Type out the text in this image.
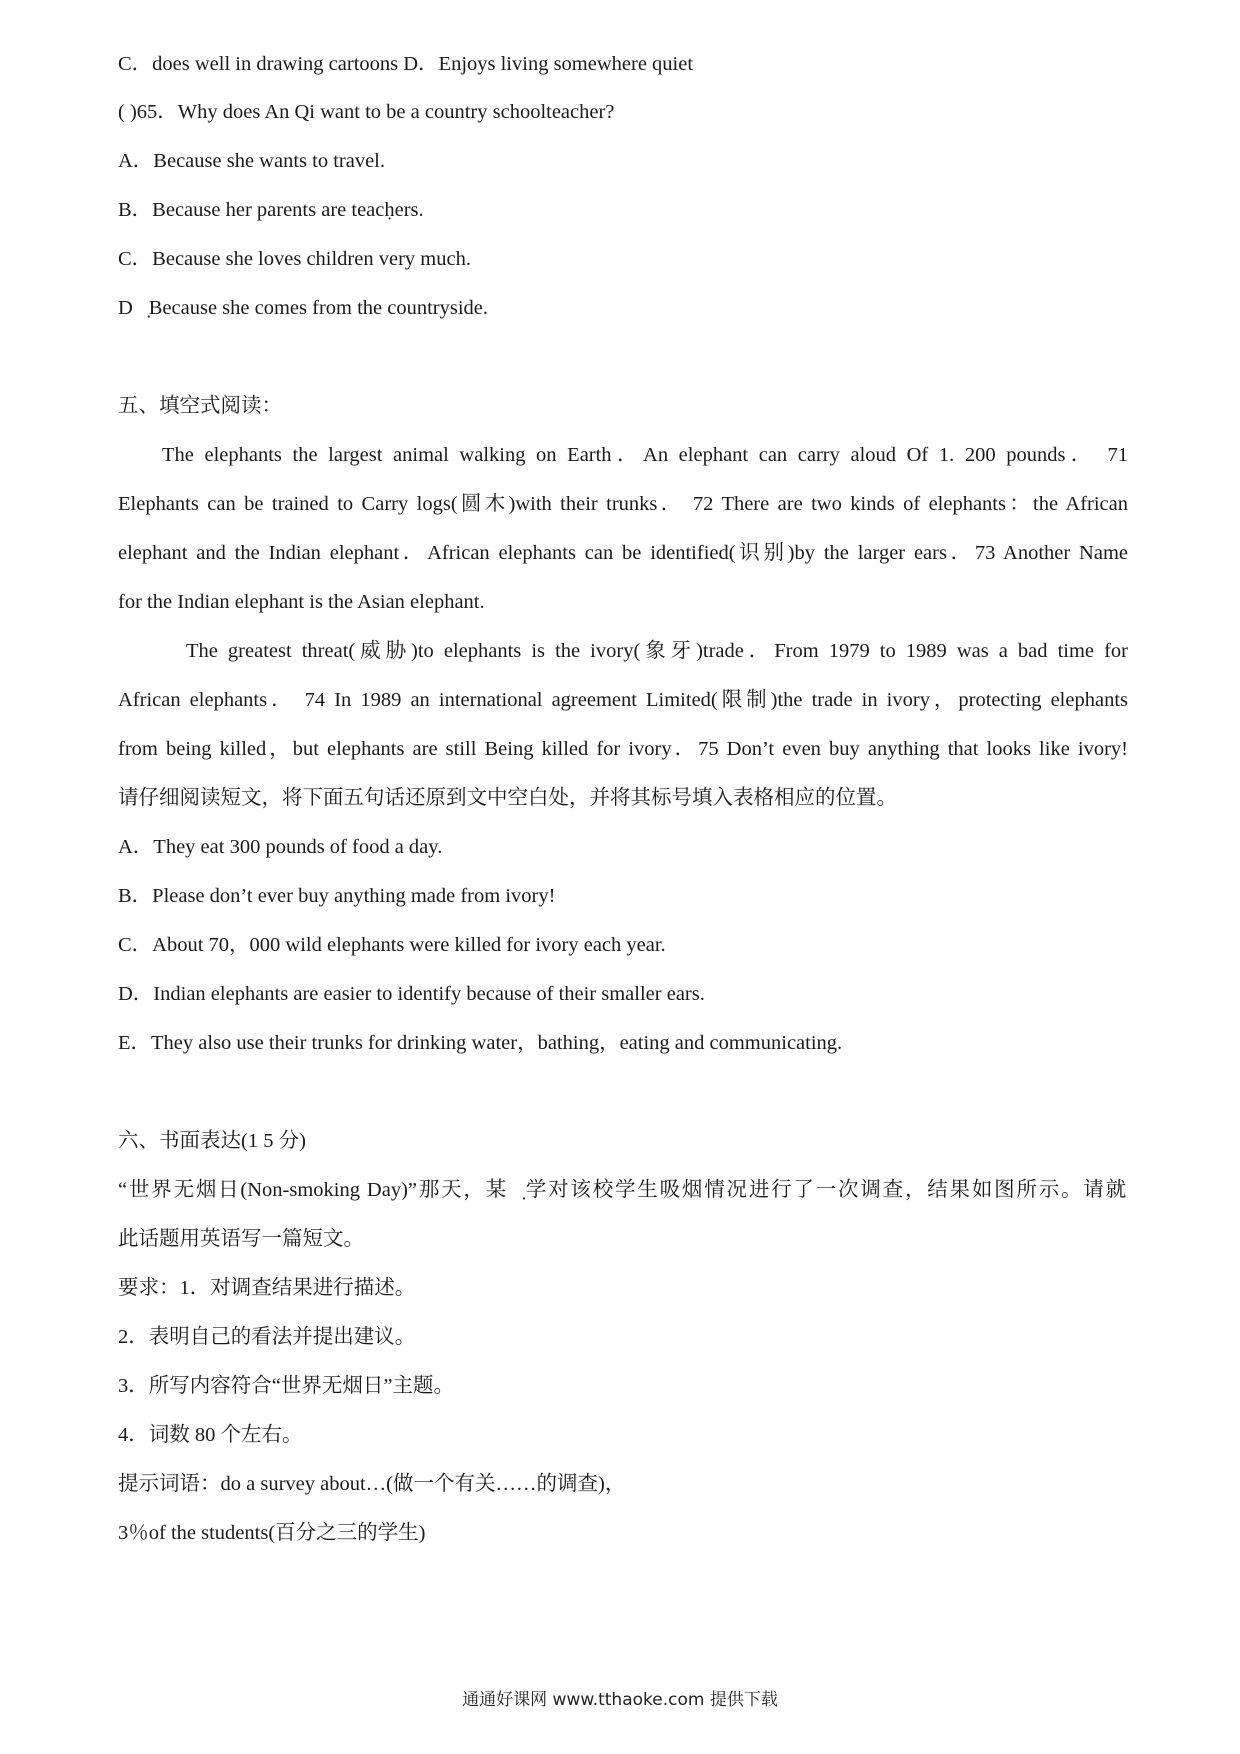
C．does well in drawing cartoons D．Enjoys living somewhere quiet
( )65．Why does An Qi want to be a country schoolteacher?
A．Because she wants to travel.
B．Because her parents are teacḥers.
C．Because she loves children very much.
D．̣Because she comes from the countryside.
五、填空式阅读：
The elephants the largest animal walking on Earth．An elephant can carry aloud Of 1. 200 pounds． 71
Elephants can be trained to Carry logs(圆木)with their trunks． 72 There are two kinds of elephants：the African
elephant and the Indian elephant．African elephants can be identified(识别)by the larger ears．73 Another Name
for the Indian elephant is the Asian elephant.
The greatest threat(威胁)to elephants is the ivory(象牙)trade．From 1979 to 1989 was a bad time for
African elephants． 74 In 1989 an international agreement Limited(限制)the trade in ivory，protecting elephants
from being killed，but elephants are still Being killed for ivory．75 Don’t even buy anything that looks like ivory!
请仔细阅读短文，将下面五句话还原到文中空白处，并将其标号填入表格相应的位置。
A．They eat 300 pounds of food a day.
B．Please don’t ever buy anything made from ivory!
C．About 70，000 wild elephants were killed for ivory each year.
D．Indian elephants are easier to identify because of their smaller ears.
E．They also use their trunks for drinking water，bathing，eating and communicating.
六、书面表达(1 5 分)
“世界无烟日(Non-smoking Day)”那天，某中̣学对该校学生吸烟情况进行了一次调查，结果如图所示。请就
此话题用英语写一篇短文。
要求：1．对调查结果进行描述。
2．表明自己的看法并提出建议。
3．所写内容符合“世界无烟日”主题。
4．词数 80 个左右。
提示词语：do a survey about…(做一个有关……的调查)，
3％of the students(百分之三的学生)
通通好课网 www.tthaoke.com 提供下载
